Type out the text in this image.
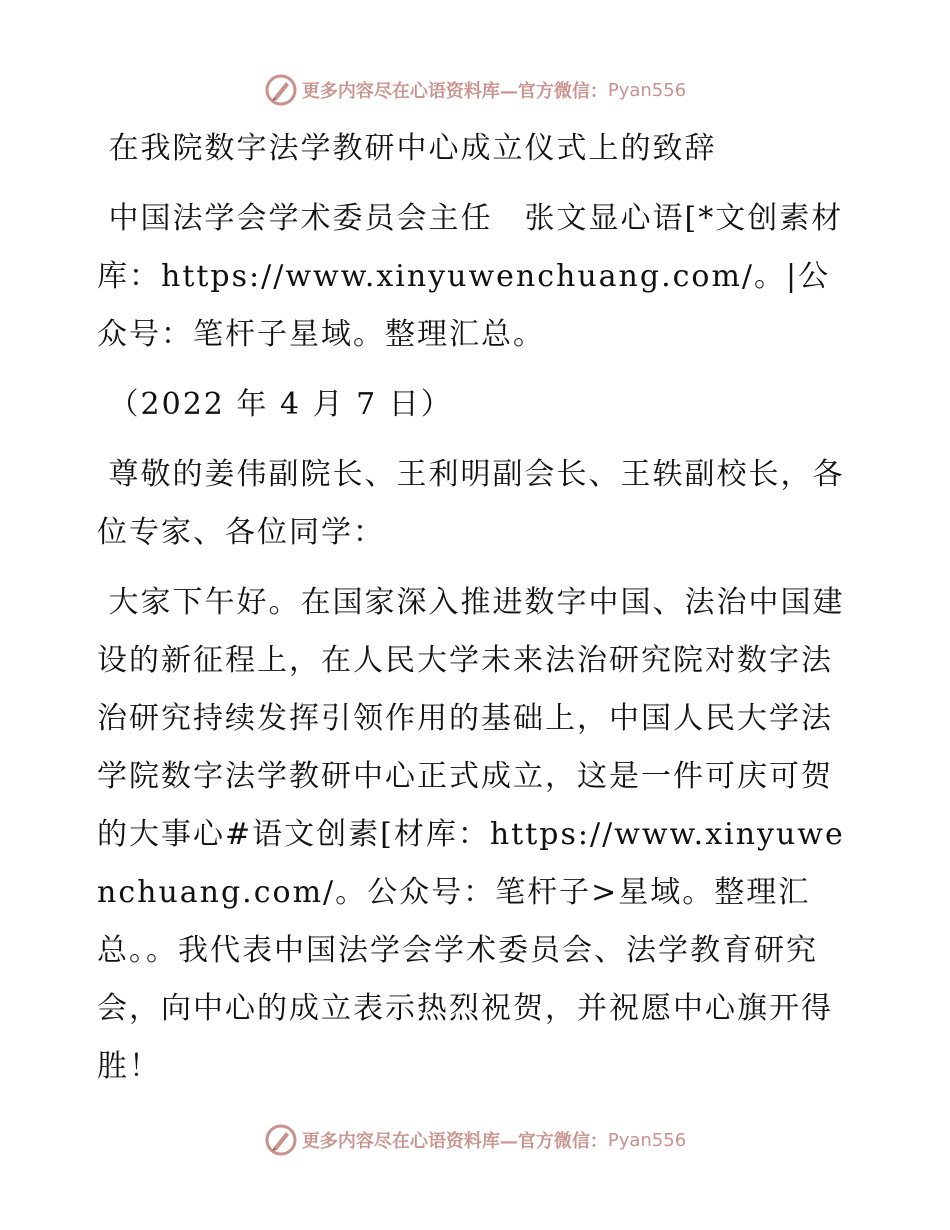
更多内容尽在心语资料库—官方微信： Pyan556

在我院数字法学教研中心成立仪式上的致辞

中国法学会学术委员会主任　张文显心语[*文创素材库：https://www.xinyuwenchuang.com/。|公众号：笔杆子星域。整理汇总。

（2022 年 4 月 7 日）

尊敬的姜伟副院长、王利明副会长、王轶副校长，各位专家、各位同学：

大家下午好。在国家深入推进数字中国、法治中国建设的新征程上，在人民大学未来法治研究院对数字法治研究持续发挥引领作用的基础上，中国人民大学法学院数字法学教研中心正式成立，这是一件可庆可贺的大事心#语文创素[材库：https://www.xinyuwenchuang.com/。公众号：笔杆子>星域。整理汇总。。我代表中国法学会学术委员会、法学教育研究会，向中心的成立表示热烈祝贺，并祝愿中心旗开得胜！

更多内容尽在心语资料库—官方微信： Pyan556
